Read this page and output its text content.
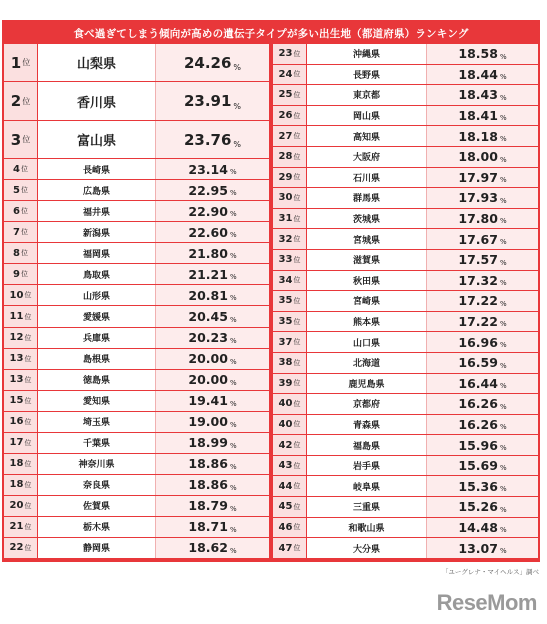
食べ過ぎてしまう傾向が高めの遺伝子タイプが多い出生地（都道府県）ランキング
1 位	山梨県	24.26 %
2 位	香川県	23.91 %
3 位	富山県	23.76 %
4 位	長崎県	23.14 %
5 位	広島県	22.95 %
6 位	福井県	22.90 %
7 位	新潟県	22.60 %
8 位	福岡県	21.80 %
9 位	鳥取県	21.21 %
10 位	山形県	20.81 %
11 位	愛媛県	20.45 %
12 位	兵庫県	20.23 %
13 位	島根県	20.00 %
13 位	徳島県	20.00 %
15 位	愛知県	19.41 %
16 位	埼玉県	19.00 %
17 位	千葉県	18.99 %
18 位	神奈川県	18.86 %
18 位	奈良県	18.86 %
20 位	佐賀県	18.79 %
21 位	栃木県	18.71 %
22 位	静岡県	18.62 %
23 位	沖縄県	18.58 %
24 位	長野県	18.44 %
25 位	東京都	18.43 %
26 位	岡山県	18.41 %
27 位	高知県	18.18 %
28 位	大阪府	18.00 %
29 位	石川県	17.97 %
30 位	群馬県	17.93 %
31 位	茨城県	17.80 %
32 位	宮城県	17.67 %
33 位	滋賀県	17.57 %
34 位	秋田県	17.32 %
35 位	宮崎県	17.22 %
35 位	熊本県	17.22 %
37 位	山口県	16.96 %
38 位	北海道	16.59 %
39 位	鹿児島県	16.44 %
40 位	京都府	16.26 %
40 位	青森県	16.26 %
42 位	福島県	15.96 %
43 位	岩手県	15.69 %
44 位	岐阜県	15.36 %
45 位	三重県	15.26 %
46 位	和歌山県	14.48 %
47 位	大分県	13.07 %
「ユーグレナ・マイヘルス」調べ
ReseMom
